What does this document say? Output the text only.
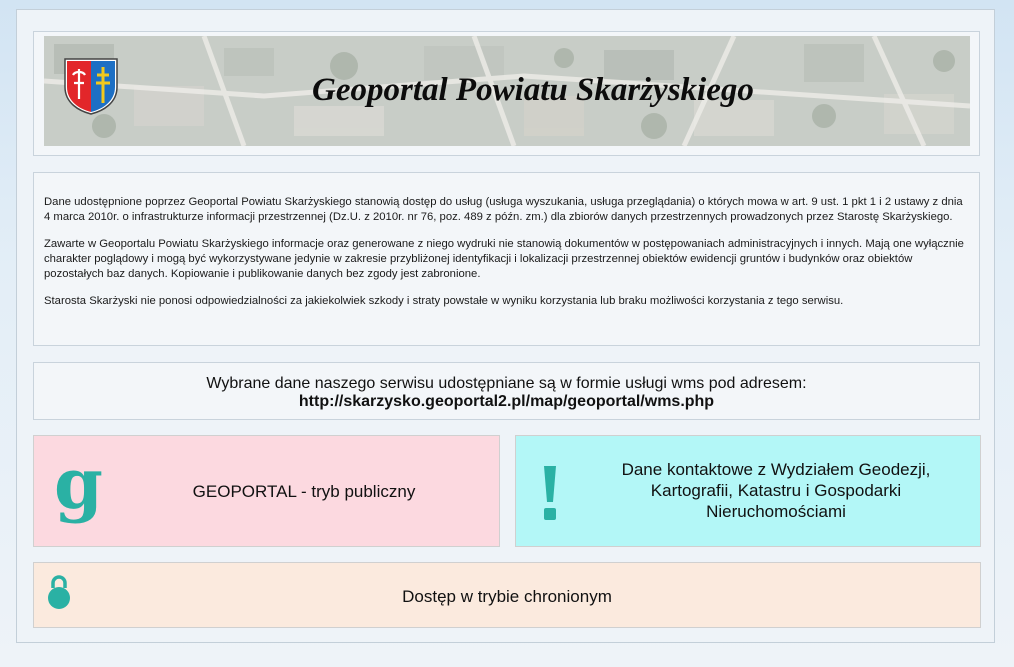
Geoportal Powiatu Skarżyskiego

Dane udostępnione poprzez Geoportal Powiatu Skarżyskiego stanowią dostęp do usług (usługa wyszukania, usługa przeglądania) o których mowa w art. 9 ust. 1 pkt 1 i 2 ustawy z dnia 4 marca 2010r. o infrastrukturze informacji przestrzennej (Dz.U. z 2010r. nr 76, poz. 489 z późn. zm.) dla zbiorów danych przestrzennych prowadzonych przez Starostę Skarżyskiego.

Zawarte w Geoportalu Powiatu Skarżyskiego informacje oraz generowane z niego wydruki nie stanowią dokumentów w postępowaniach administracyjnych i innych. Mają one wyłącznie charakter poglądowy i mogą być wykorzystywane jedynie w zakresie przybliżonej identyfikacji i lokalizacji przestrzennej obiektów ewidencji gruntów i budynków oraz obiektów pozostałych baz danych. Kopiowanie i publikowanie danych bez zgody jest zabronione.

Starosta Skarżyski nie ponosi odpowiedzialności za jakiekolwiek szkody i straty powstałe w wyniku korzystania lub braku możliwości korzystania z tego serwisu.

Wybrane dane naszego serwisu udostępniane są w formie usługi wms pod adresem:
http://skarzysko.geoportal2.pl/map/geoportal/wms.php
g	GEOPORTAL - tryb publiczny
Dane kontaktowe z Wydziałem Geodezji, Kartografii, Katastru i Gospodarki Nieruchomościami
Dostęp w trybie chronionym
